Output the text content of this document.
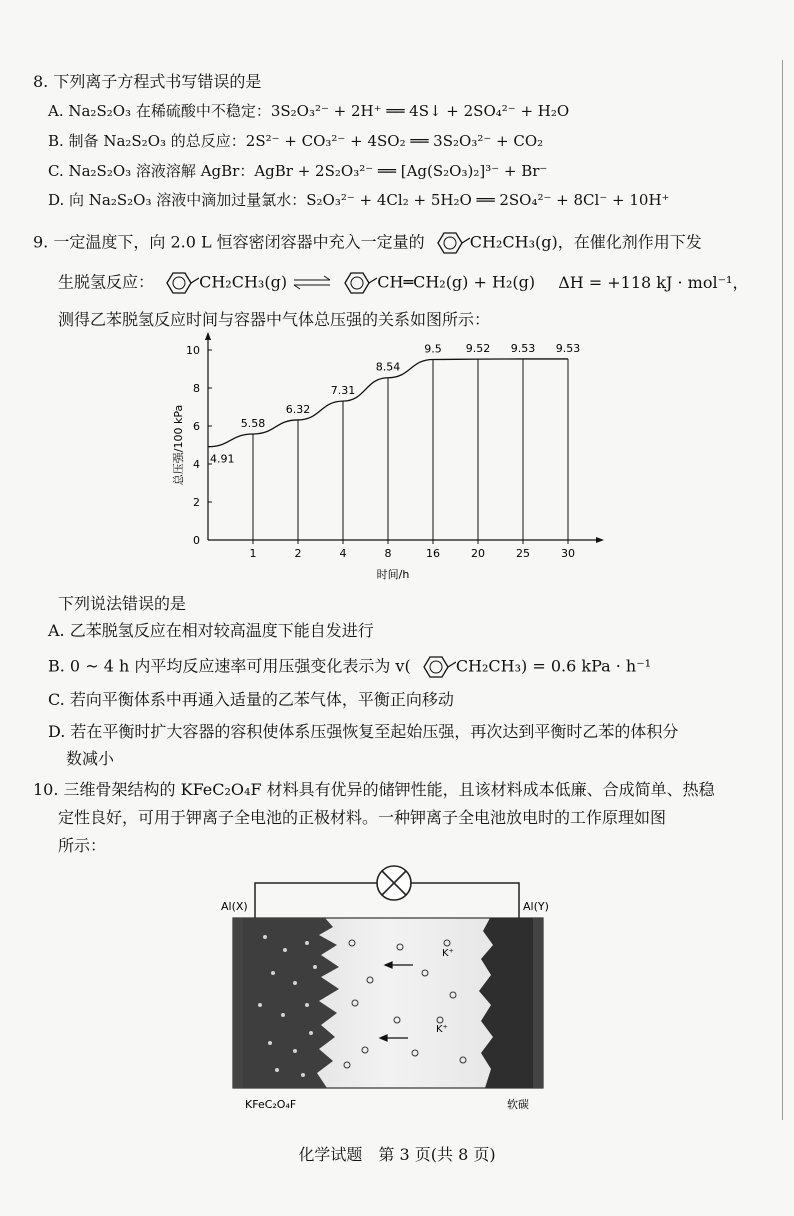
8. 下列离子方程式书写错误的是
A. Na₂S₂O₃ 在稀硫酸中不稳定：3S₂O₃²⁻ + 2H⁺ ══ 4S↓ + 2SO₄²⁻ + H₂O
B. 制备 Na₂S₂O₃ 的总反应：2S²⁻ + CO₃²⁻ + 4SO₂ ══ 3S₂O₃²⁻ + CO₂
C. Na₂S₂O₃ 溶液溶解 AgBr：AgBr + 2S₂O₃²⁻ ══ [Ag(S₂O₃)₂]³⁻ + Br⁻
D. 向 Na₂S₂O₃ 溶液中滴加过量氯水：S₂O₃²⁻ + 4Cl₂ + 5H₂O ══ 2SO₄²⁻ + 8Cl⁻ + 10H⁺
9. 一定温度下，向 2.0 L 恒容密闭容器中充入一定量的	CH₂CH₃(g)，在催化剂作用下发
生脱氢反应：	CH₂CH₃(g) ⇌	CH═CH₂(g) + H₂(g) ΔH = +118 kJ · mol⁻¹，
测得乙苯脱氢反应时间与容器中气体总压强的关系如图所示：
0
2
4
6
8
10
1	2	4	8	16	20	25	30
4.91
5.58
6.32
7.31
8.54
9.5 9.52 9.53 9.53
时间/h
总压强/100 kPa
下列说法错误的是
A. 乙苯脱氢反应在相对较高温度下能自发进行
B. 0 ~ 4 h 内平均反应速率可用压强变化表示为 v(	CH₂CH₃) = 0.6 kPa · h⁻¹
C. 若向平衡体系中再通入适量的乙苯气体，平衡正向移动
D. 若在平衡时扩大容器的容积使体系压强恢复至起始压强，再次达到平衡时乙苯的体积分
数减小
10. 三维骨架结构的 KFeC₂O₄F 材料具有优异的储钾性能，且该材料成本低廉、合成简单、热稳
定性良好，可用于钾离子全电池的正极材料。一种钾离子全电池放电时的工作原理如图
所示：
Al(X)	Al(Y)
K⁺
K⁺
KFeC₂O₄F	软碳
化学试题　第 3 页(共 8 页)
